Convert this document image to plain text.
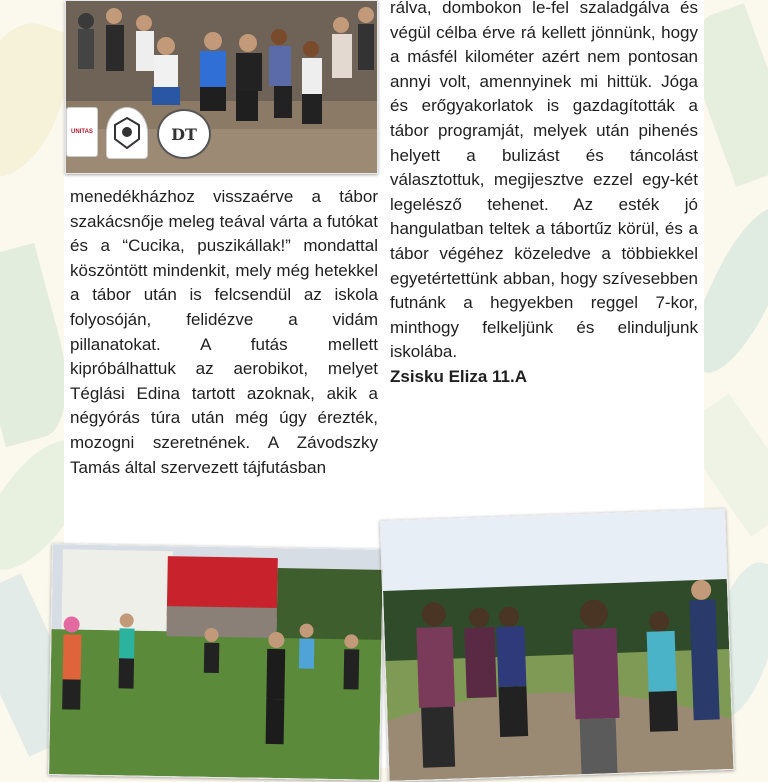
UNITAS	DT

rálva, dombokon le-fel szaladgálva és végül célba érve rá kellett jönnünk, hogy a másfél kilométer azért nem pontosan annyi volt, amennyinek mi hittük. Jóga és erőgyakorlatok is gazdagították a tábor programját, melyek után pihenés helyett a bulizást és táncolást választottuk, megijesztve ezzel egy-két legelésző tehenet. Az esték jó hangulatban teltek a tábortűz körül, és a tábor végéhez közeledve a többiekkel egyetértettünk abban, hogy szívesebben futnánk a hegyekben reggel 7-kor, minthogy felkeljünk és elinduljunk iskolába.

Zsisku Eliza 11.A

menedékházhoz visszaérve a tábor szakácsnője meleg teával várta a futókat és a “Cucika, puszikállak!” mondattal köszöntött mindenkit, mely még hetekkel a tábor után is felcsendül az iskola folyosóján, felidézve a vidám pillanatokat. A futás mellett kipróbálhattuk az aerobikot, melyet Téglási Edina tartott azoknak, akik a négyórás túra után még úgy érezték, mozogni szeretnének. A Závodszky Tamás által szervezett tájfutásban
